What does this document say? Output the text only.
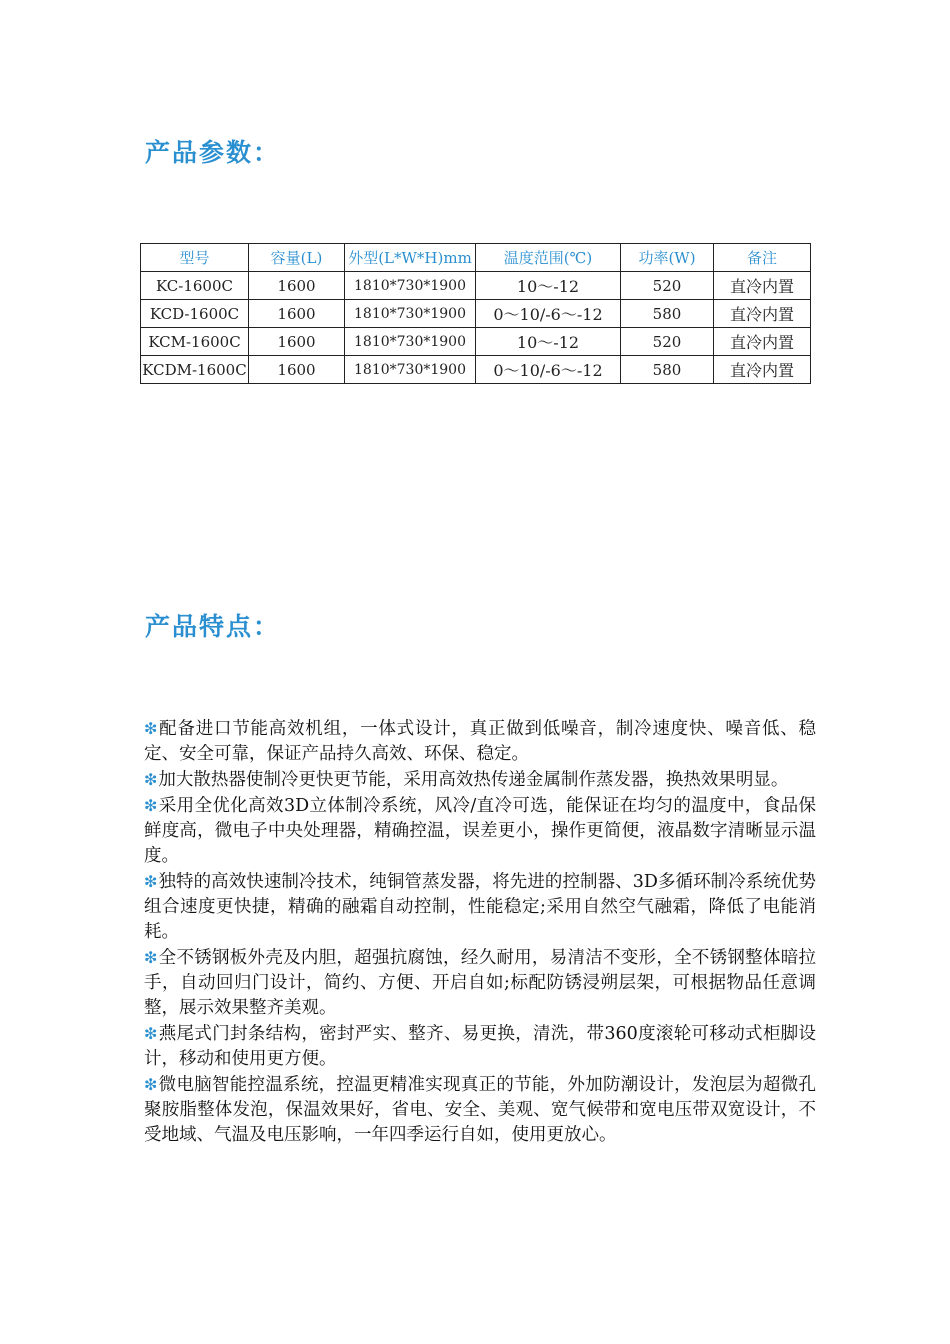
产品参数：
型号	容量(L)	外型(L*W*H)mm	温度范围(℃)	功率(W)	备注
KC-1600C	1600	1810*730*1900	10～-12	520	直冷内置
KCD-1600C	1600	1810*730*1900	0～10/-6～-12	580	直冷内置
KCM-1600C	1600	1810*730*1900	10～-12	520	直冷内置
KCDM-1600C	1600	1810*730*1900	0～10/-6～-12	580	直冷内置
产品特点：

❇配备进口节能高效机组，一体式设计，真正做到低噪音，制冷速度快、噪音低、稳定、安全可靠，保证产品持久高效、环保、稳定。

❇加大散热器使制冷更快更节能，采用高效热传递金属制作蒸发器，换热效果明显。

❇采用全优化高效3D立体制冷系统，风冷/直冷可选，能保证在均匀的温度中，食品保鲜度高，微电子中央处理器，精确控温，误差更小，操作更简便，液晶数字清晰显示温度。

❇独特的高效快速制冷技术，纯铜管蒸发器，将先进的控制器、3D多循环制冷系统优势组合速度更快捷，精确的融霜自动控制，性能稳定;采用自然空气融霜，降低了电能消耗。

❇全不锈钢板外壳及内胆，超强抗腐蚀，经久耐用，易清洁不变形，全不锈钢整体暗拉手，自动回归门设计，简约、方便、开启自如;标配防锈浸朔层架，可根据物品任意调整，展示效果整齐美观。

❇燕尾式门封条结构，密封严实、整齐、易更换，清洗，带360度滚轮可移动式柜脚设计，移动和使用更方便。

❇微电脑智能控温系统，控温更精准实现真正的节能，外加防潮设计，发泡层为超微孔聚胺脂整体发泡，保温效果好，省电、安全、美观、宽气候带和宽电压带双宽设计，不受地域、气温及电压影响，一年四季运行自如，使用更放心。
